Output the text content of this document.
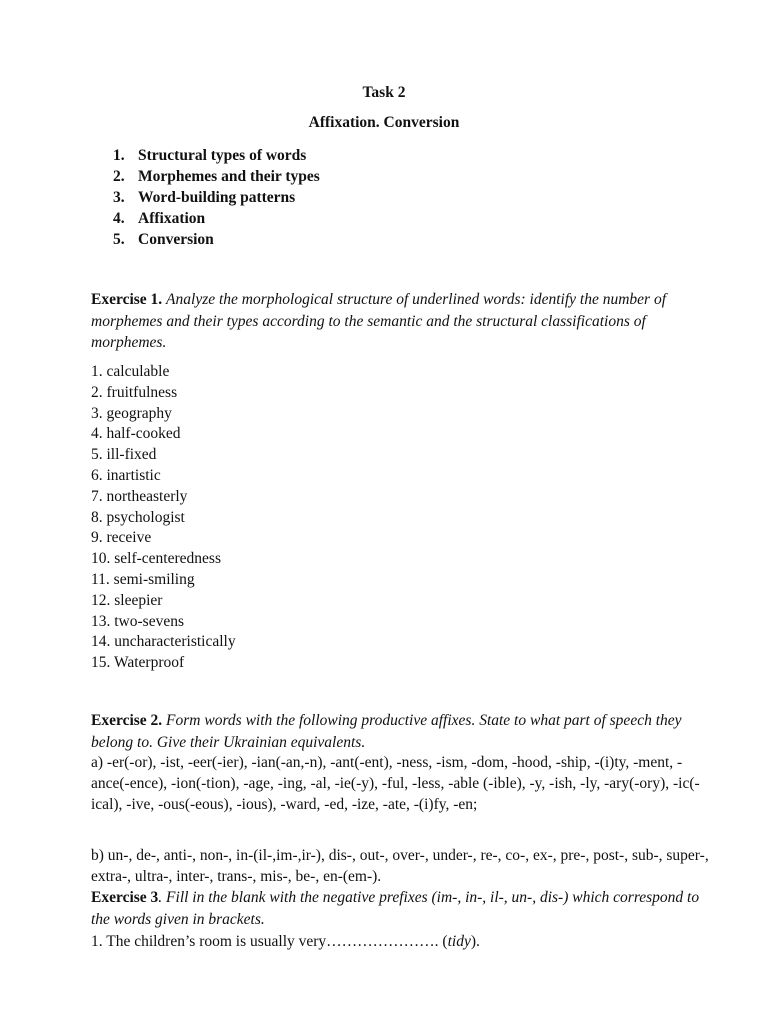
Task 2
Affixation. Conversion
1. Structural types of words
2. Morphemes and their types
3. Word-building patterns
4. Affixation
5. Conversion
Exercise 1. Analyze the morphological structure of underlined words: identify the number of morphemes and their types according to the semantic and the structural classifications of morphemes.
1. calculable
2. fruitfulness
3. geography
4. half-cooked
5. ill-fixed
6. inartistic
7. northeasterly
8. psychologist
9. receive
10. self-centeredness
11. semi-smiling
12. sleepier
13. two-sevens
14. uncharacteristically
15. Waterproof
Exercise 2. Form words with the following productive affixes. State to what part of speech they belong to. Give their Ukrainian equivalents.
a) -er(-or), -ist, -eer(-ier), -ian(-an,-n), -ant(-ent), -ness, -ism, -dom, -hood, -ship, -(i)ty, -ment, -ance(-ence), -ion(-tion), -age, -ing, -al, -ie(-y), -ful, -less, -able (-ible), -y, -ish, -ly, -ary(-ory), -ic(-ical), -ive, -ous(-eous), -ious), -ward, -ed, -ize, -ate, -(i)fy, -en;
b) un-, de-, anti-, non-, in-(il-,im-,ir-), dis-, out-, over-, under-, re-, co-, ex-, pre-, post-, sub-, super-, extra-, ultra-, inter-, trans-, mis-, be-, en-(em-).
Exercise 3. Fill in the blank with the negative prefixes (im-, in-, il-, un-, dis-) which correspond to the words given in brackets.
1. The children’s room is usually very…………………. (tidy).
